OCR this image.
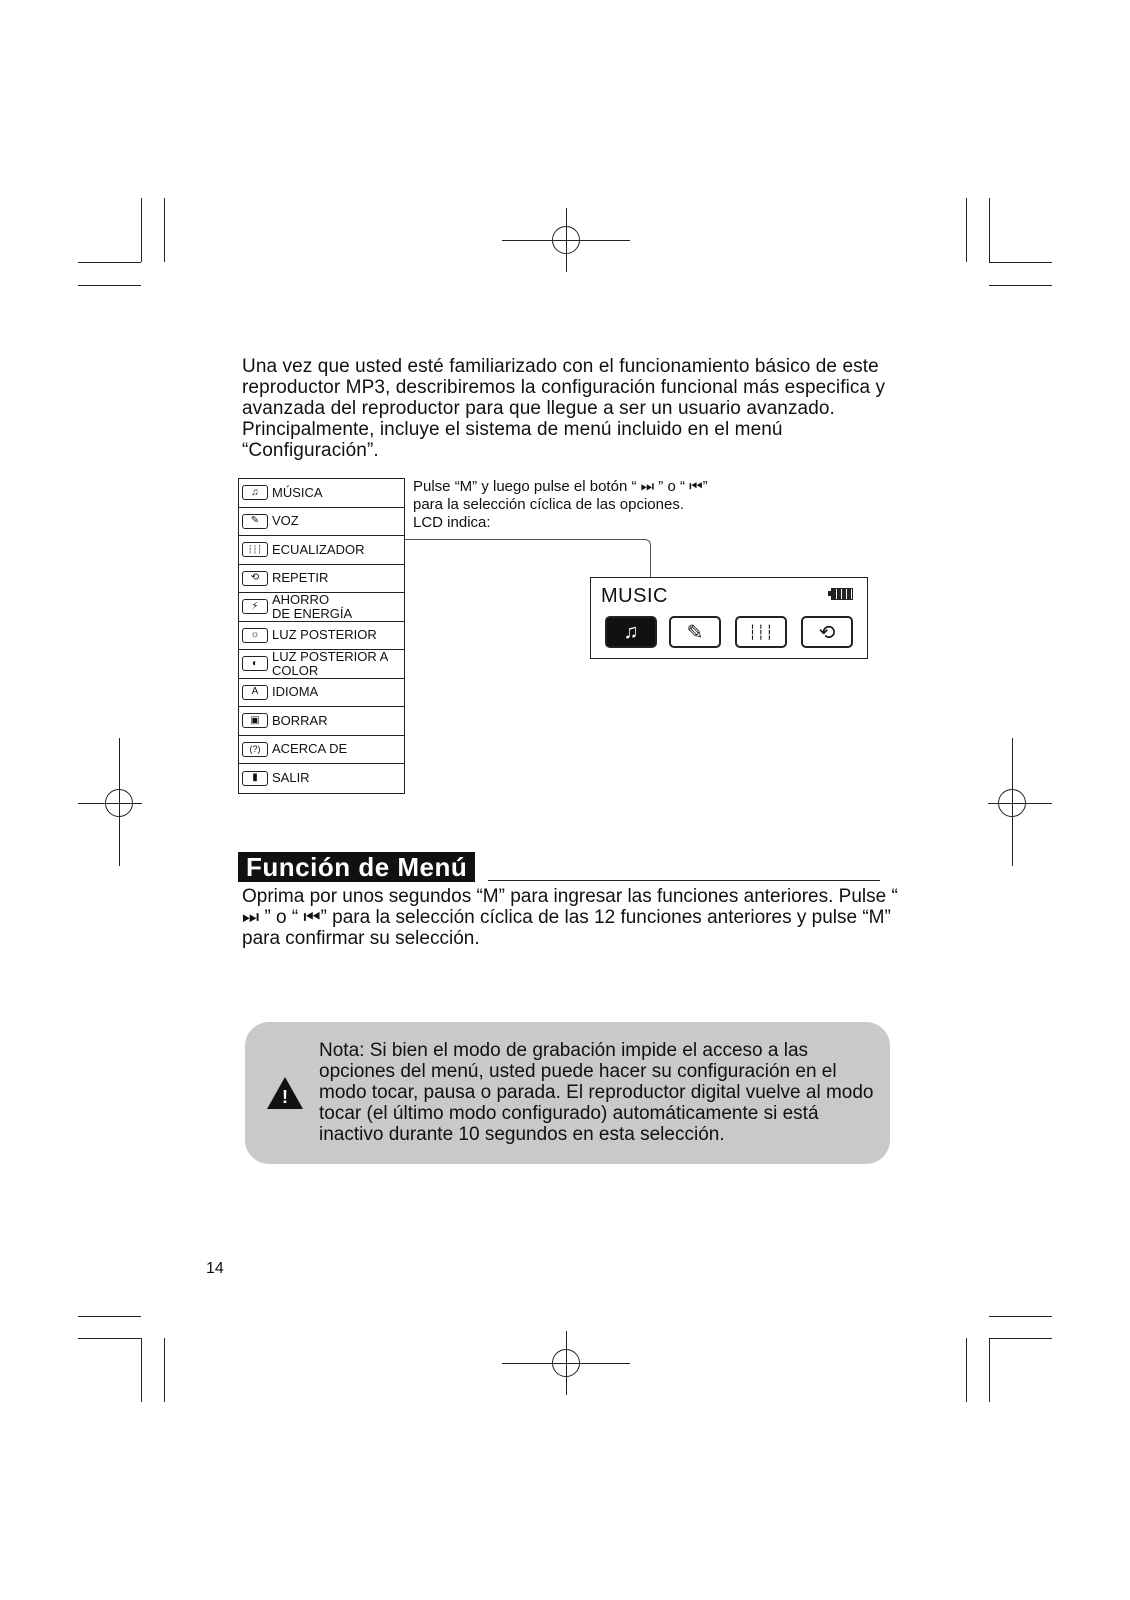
Una vez que usted esté familiarizado con el funcionamiento básico de este reproductor MP3, describiremos la configuración funcional más especifica y avanzada del reproductor para que llegue a ser un usuario avanzado. Principalmente, incluye el sistema de menú incluido en el menú “Configuración”.

♫	MÚSICA
✎ VOZ
┆┆┆ ECUALIZADOR
⟲ REPETIR
⚡	AHORRO
DE ENERGÍA
☼ LUZ POSTERIOR
◐	LUZ POSTERIOR A
COLOR
A	IDIOMA
▣ BORRAR
(?) ACERCA DE
▮	SALIR

Pulse “M” y luego pulse el botón “ ⏭ ” o “ ⏮” para la selección cíclica de las opciones. LCD indica:

MUSIC
♫	✎	┆┆┆	⟲
Función de Menú

Oprima por unos segundos “M” para ingresar las funciones anteriores. Pulse “ ⏭ ” o “ ⏮” para la selección cíclica de las 12 funciones anteriores y pulse “M” para confirmar su selección.

!

Nota: Si bien el modo de grabación impide el acceso a las opciones del menú, usted puede hacer su configuración en el modo tocar, pausa o parada. El reproductor digital vuelve al modo tocar (el último modo configurado) automáticamente si está inactivo durante 10 segundos en esta selección.

14
